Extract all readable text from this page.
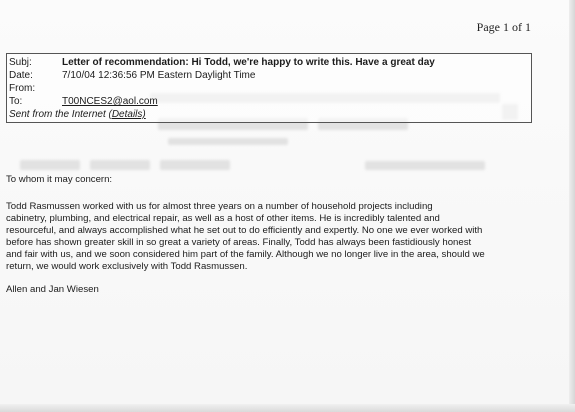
Page 1 of 1
Subj:	Letter of recommendation: Hi Todd, we're happy to write this. Have a great day
Date:	7/10/04 12:36:56 PM Eastern Daylight Time
From:
To:	T00NCES2@aol.com
Sent from the Internet (Details)
To whom it may concern:
Todd Rasmussen worked with us for almost three years on a number of household projects including
cabinetry, plumbing, and electrical repair, as well as a host of other items. He is incredibly talented and
resourceful, and always accomplished what he set out to do efficiently and expertly. No one we ever worked with
before has shown greater skill in so great a variety of areas. Finally, Todd has always been fastidiously honest
and fair with us, and we soon considered him part of the family. Although we no longer live in the area, should we
return, we would work exclusively with Todd Rasmussen.
Allen and Jan Wiesen
